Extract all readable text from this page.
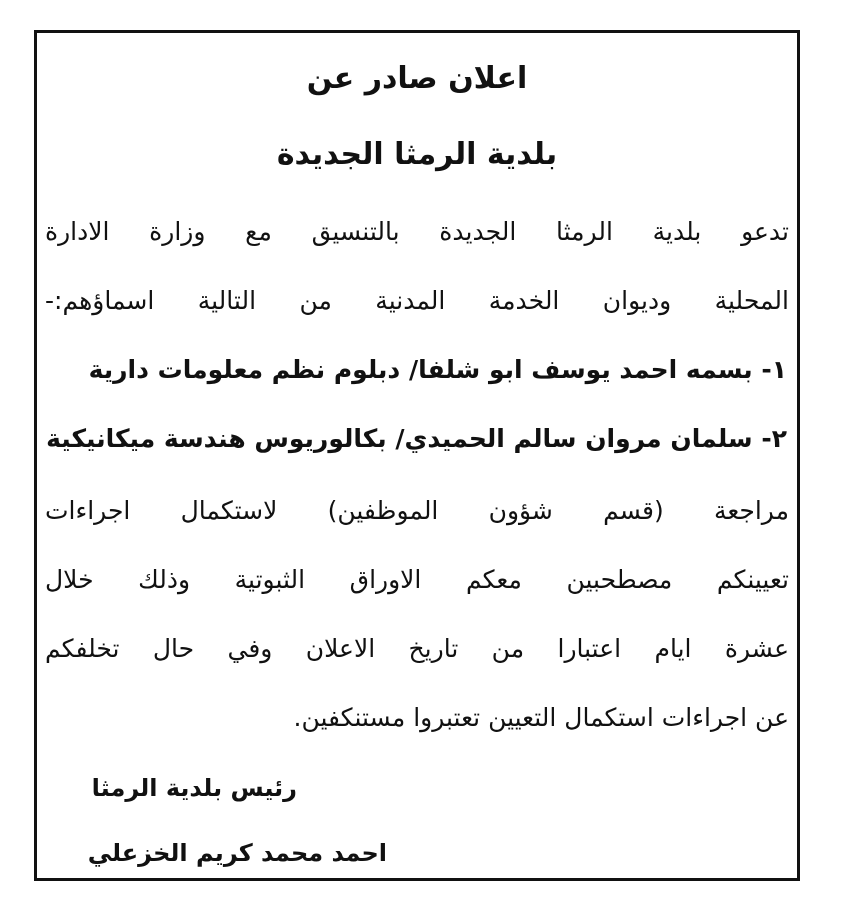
اعلان صادر عن
بلدية الرمثا الجديدة
تدعو بلدية الرمثا الجديدة بالتنسيق مع وزارة الادارة
المحلية وديوان الخدمة المدنية من التالية اسماؤهم:-
١- بسمه احمد يوسف ابو شلفا/ دبلوم نظم معلومات دارية
٢- سلمان مروان سالم الحميدي/ بكالوريوس هندسة ميكانيكية
مراجعة (قسم شؤون الموظفين) لاستكمال اجراءات
تعيينكم مصطحبين معكم الاوراق الثبوتية وذلك خلال
عشرة ايام اعتبارا من تاريخ الاعلان وفي حال تخلفكم
عن اجراءات استكمال التعيين تعتبروا مستنكفين.
رئيس بلدية الرمثا
احمد محمد كريم الخزعلي
